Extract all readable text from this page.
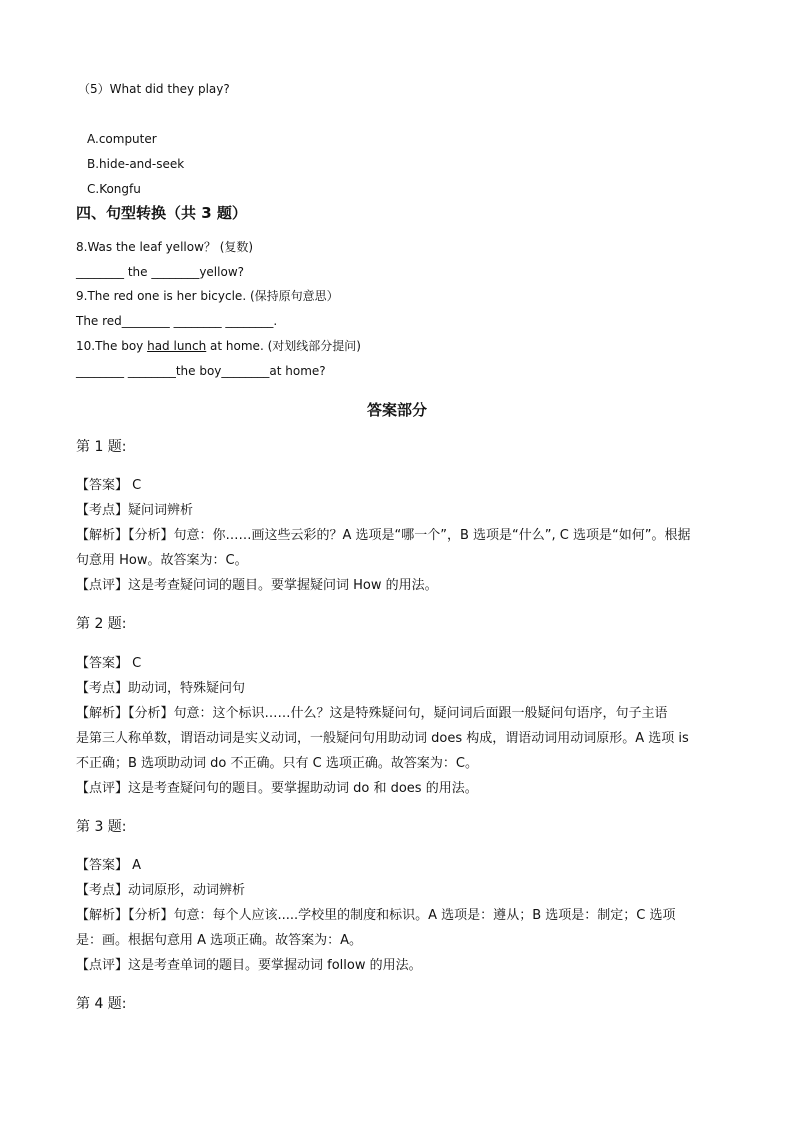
（5）What did they play?
A.computer
B.hide-and-seek
C.Kongfu
四、句型转换（共 3 题）
8.Was the leaf yellow？ (复数)
________ the ________yellow?
9.The red one is her bicycle. (保持原句意思）
The red________ ________ ________.
10.The boy had lunch at home. (对划线部分提问)
________ ________the boy________at home?
答案部分
第 1 题:
【答案】 C
【考点】疑问词辨析
【解析】【分析】句意：你……画这些云彩的？A 选项是“哪一个”，B 选项是“什么”, C 选项是“如何”。根据
句意用 How。故答案为：C。
【点评】这是考查疑问词的题目。要掌握疑问词 How 的用法。
第 2 题:
【答案】 C
【考点】助动词，特殊疑问句
【解析】【分析】句意：这个标识……什么？这是特殊疑问句，疑问词后面跟一般疑问句语序，句子主语
是第三人称单数，谓语动词是实义动词，一般疑问句用助动词 does 构成，谓语动词用动词原形。A 选项 is
不正确；B 选项助动词 do 不正确。只有 C 选项正确。故答案为：C。
【点评】这是考查疑问句的题目。要掌握助动词 do 和 does 的用法。
第 3 题:
【答案】 A
【考点】动词原形，动词辨析
【解析】【分析】句意：每个人应该.....学校里的制度和标识。A 选项是：遵从；B 选项是：制定；C 选项
是：画。根据句意用 A 选项正确。故答案为：A。
【点评】这是考查单词的题目。要掌握动词 follow 的用法。
第 4 题:
